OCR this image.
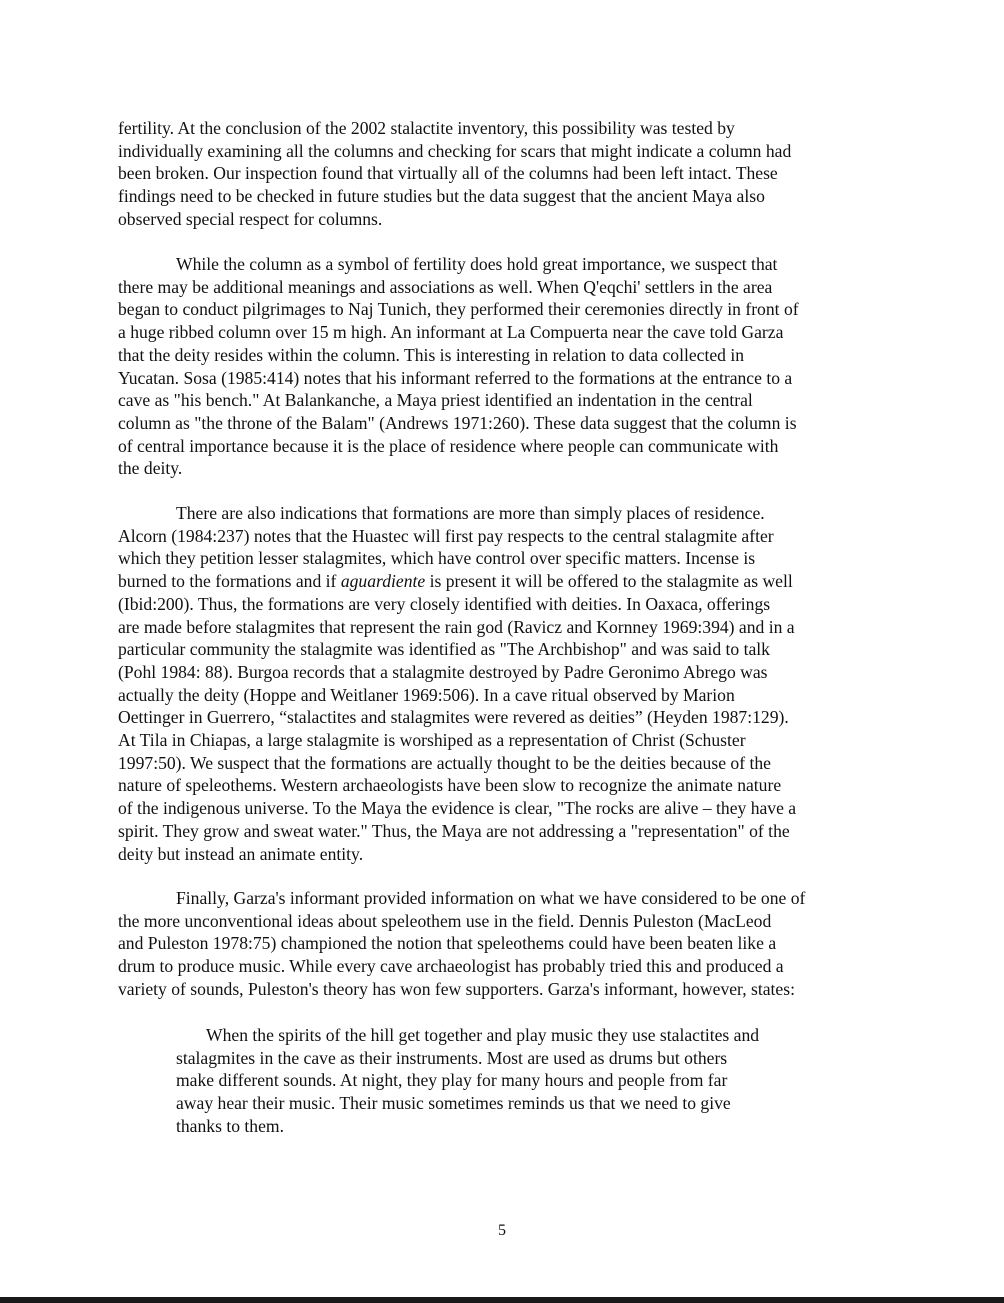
fertility. At the conclusion of the 2002 stalactite inventory, this possibility was tested by
individually examining all the columns and checking for scars that might indicate a column had
been broken. Our inspection found that virtually all of the columns had been left intact. These
findings need to be checked in future studies but the data suggest that the ancient Maya also
observed special respect for columns.
While the column as a symbol of fertility does hold great importance, we suspect that
there may be additional meanings and associations as well. When Q'eqchi' settlers in the area
began to conduct pilgrimages to Naj Tunich, they performed their ceremonies directly in front of
a huge ribbed column over 15 m high. An informant at La Compuerta near the cave told Garza
that the deity resides within the column. This is interesting in relation to data collected in
Yucatan. Sosa (1985:414) notes that his informant referred to the formations at the entrance to a
cave as "his bench." At Balankanche, a Maya priest identified an indentation in the central
column as "the throne of the Balam" (Andrews 1971:260). These data suggest that the column is
of central importance because it is the place of residence where people can communicate with
the deity.
There are also indications that formations are more than simply places of residence.
Alcorn (1984:237) notes that the Huastec will first pay respects to the central stalagmite after
which they petition lesser stalagmites, which have control over specific matters. Incense is
burned to the formations and if aguardiente is present it will be offered to the stalagmite as well
(Ibid:200). Thus, the formations are very closely identified with deities. In Oaxaca, offerings
are made before stalagmites that represent the rain god (Ravicz and Kornney 1969:394) and in a
particular community the stalagmite was identified as "The Archbishop" and was said to talk
(Pohl 1984: 88). Burgoa records that a stalagmite destroyed by Padre Geronimo Abrego was
actually the deity (Hoppe and Weitlaner 1969:506). In a cave ritual observed by Marion
Oettinger in Guerrero, “stalactites and stalagmites were revered as deities” (Heyden 1987:129).
At Tila in Chiapas, a large stalagmite is worshiped as a representation of Christ (Schuster
1997:50). We suspect that the formations are actually thought to be the deities because of the
nature of speleothems. Western archaeologists have been slow to recognize the animate nature
of the indigenous universe. To the Maya the evidence is clear, "The rocks are alive – they have a
spirit. They grow and sweat water." Thus, the Maya are not addressing a "representation" of the
deity but instead an animate entity.
Finally, Garza's informant provided information on what we have considered to be one of
the more unconventional ideas about speleothem use in the field. Dennis Puleston (MacLeod
and Puleston 1978:75) championed the notion that speleothems could have been beaten like a
drum to produce music. While every cave archaeologist has probably tried this and produced a
variety of sounds, Puleston's theory has won few supporters. Garza's informant, however, states:
When the spirits of the hill get together and play music they use stalactites and
stalagmites in the cave as their instruments. Most are used as drums but others
make different sounds. At night, they play for many hours and people from far
away hear their music. Their music sometimes reminds us that we need to give
thanks to them.
5
